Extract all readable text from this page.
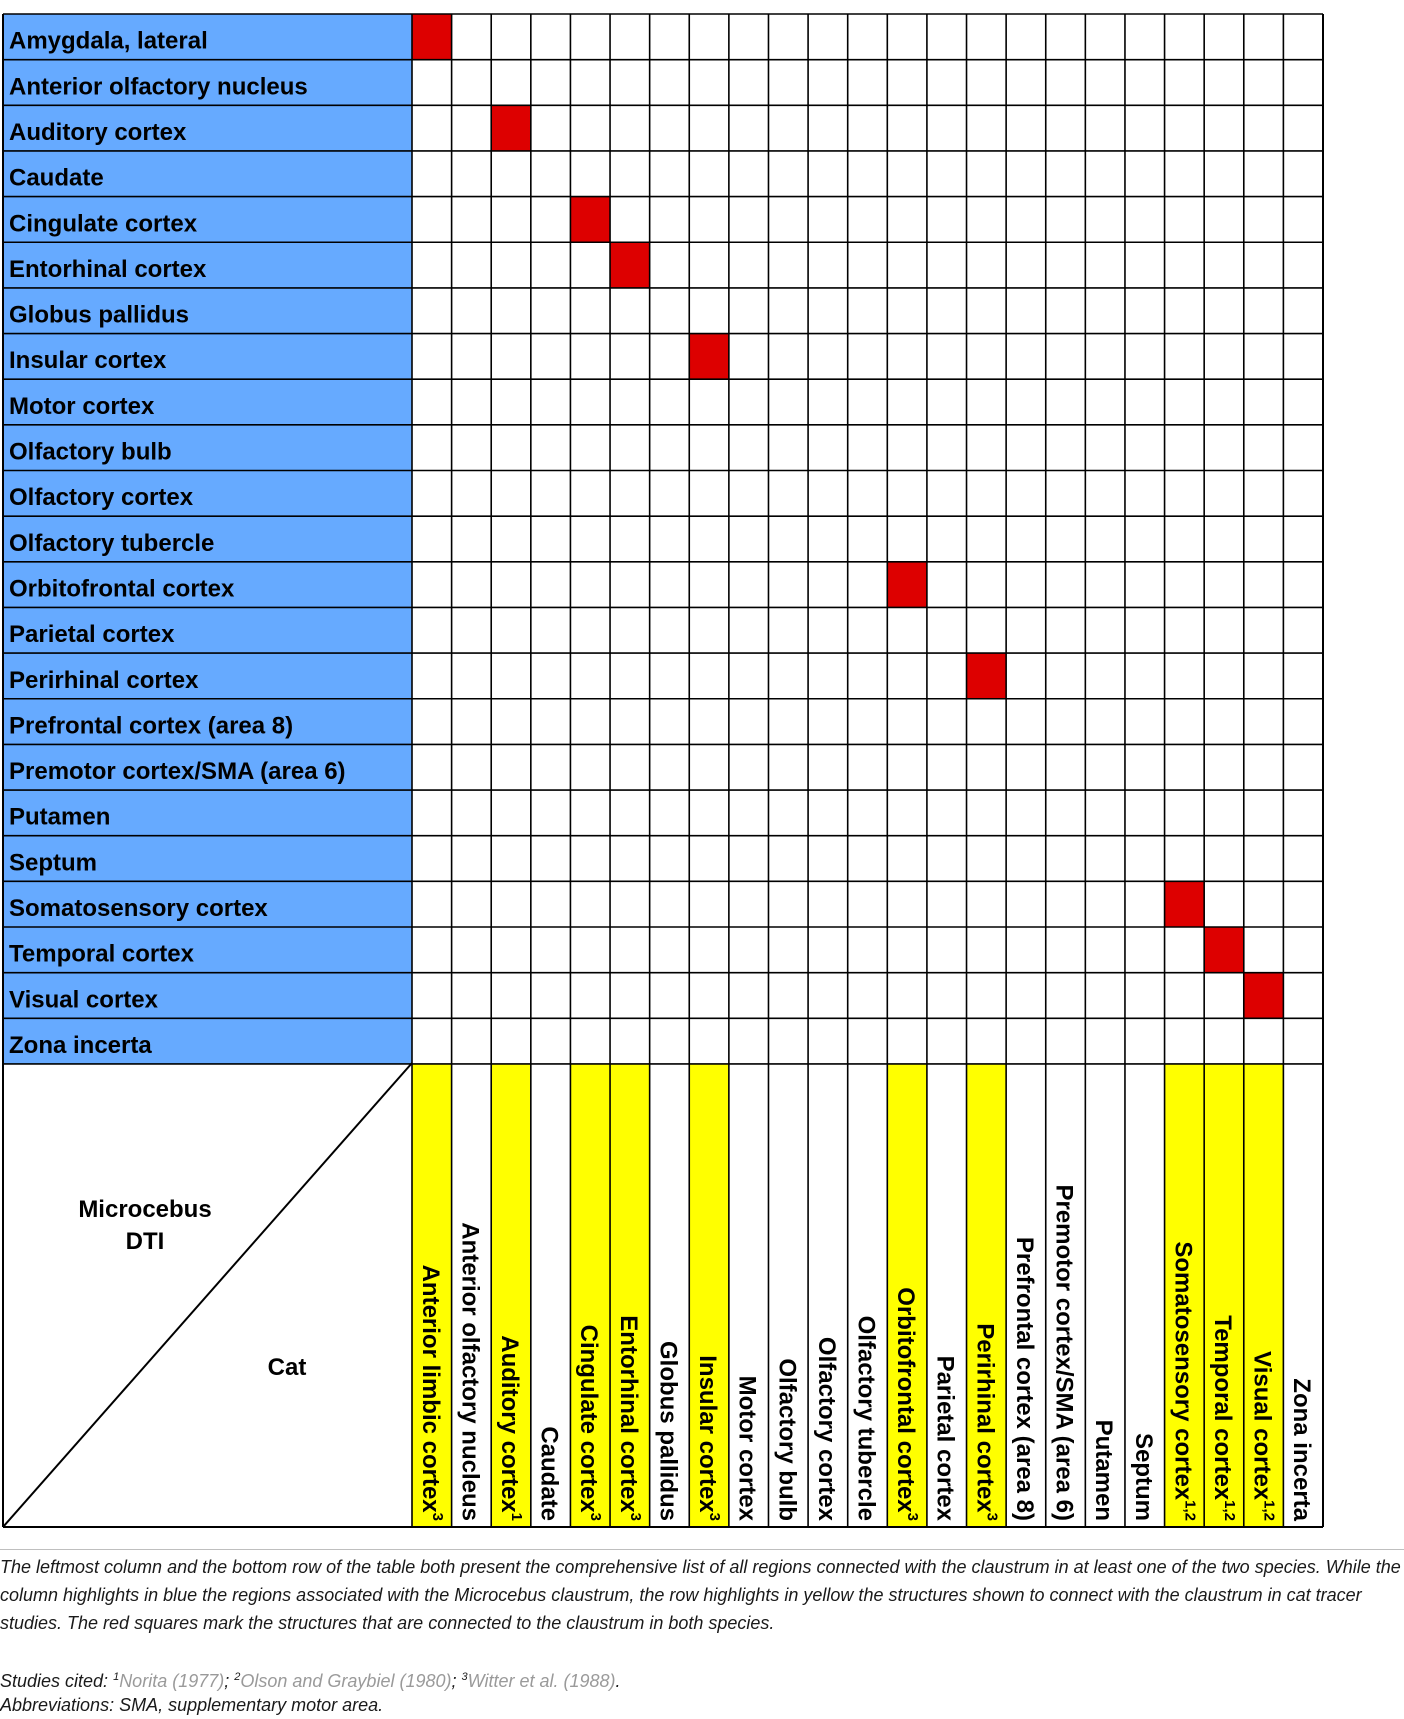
Amygdala, lateral
Anterior olfactory nucleus
Auditory cortex
Caudate
Cingulate cortex
Entorhinal cortex
Globus pallidus
Insular cortex
Motor cortex
Olfactory bulb
Olfactory cortex
Olfactory tubercle
Orbitofrontal cortex
Parietal cortex
Perirhinal cortex
Prefrontal cortex (area 8)
Premotor cortex/SMA (area 6)
Putamen
Septum
Somatosensory cortex
Temporal cortex
Visual cortex
Zona incerta
Anterior limbic cortex$^3$ Anterior olfactory nucleus Auditory cortex$^1$ Caudate Cingulate cortex$^3$
Entorhinal cortex$^3$ Globus pallidus Insular cortex$^3$ Motor cortex Olfactory bulb Olfactory cortex Olfactory tubercle Orbitofrontal cortex$^3$ Parietal cortex Perirhinal cortex$^3$ Prefrontal cortex (area 8) Premotor cortex/SMA (area 6) Putamen Septum Somatosensory cortex$^{1,2}$
Temporal cortex$^{1,2}$
Visual cortex$^{1,2}$ Zona incerta
Microcebus
DTI
Cat
The leftmost column and the bottom row of the table both present the comprehensive list of all regions connected with the claustrum in at least one of the two species. While the column highlights in blue the regions associated with the Microcebus claustrum, the row highlights in yellow the structures shown to connect with the claustrum in cat tracer studies. The red squares mark the structures that are connected to the claustrum in both species.
Studies cited: $^1$Norita (1977); $^2$Olson and Graybiel (1980); $^3$Witter et al. (1988).
Abbreviations: SMA, supplementary motor area.
